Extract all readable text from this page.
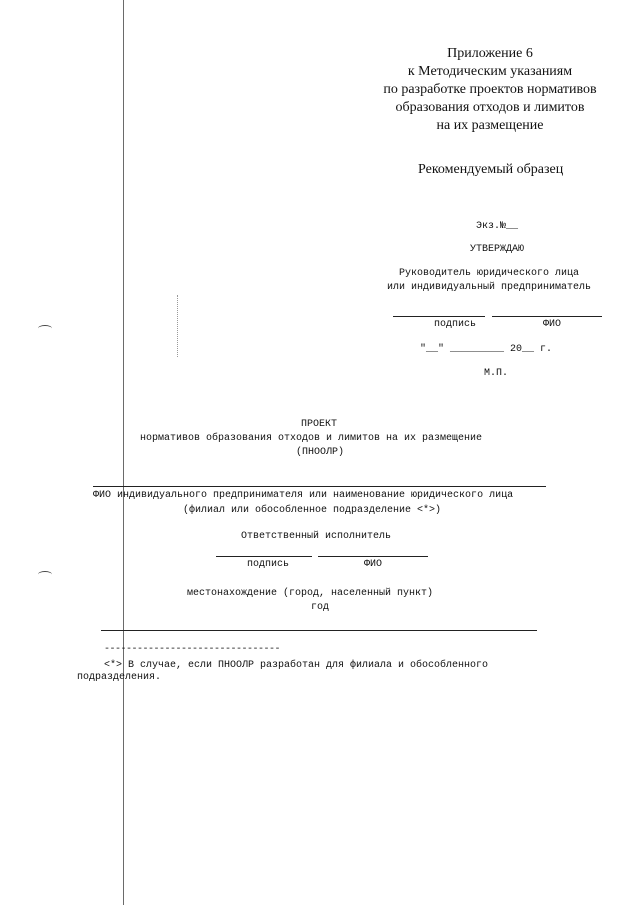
Приложение 6
к Методическим указаниям
по разработке проектов нормативов
образования отходов и лимитов
на их размещение
Рекомендуемый образец
Экз.№__
УТВЕРЖДАЮ
Руководитель юридического лица
или индивидуальный предприниматель
подпись	ФИО
"__" _________ 20__ г.
М.П.
ПРОЕКТ
нормативов образования отходов и лимитов на их размещение
(ПНООЛР)
ФИО индивидуального предпринимателя или наименование юридического лица
(филиал или обособленное подразделение <*>)
Ответственный исполнитель
подпись	ФИО
местонахождение (город, населенный пункт)
год
--------------------------------
<*> В случае, если ПНООЛР разработан для филиала и обособленного
подразделения.
